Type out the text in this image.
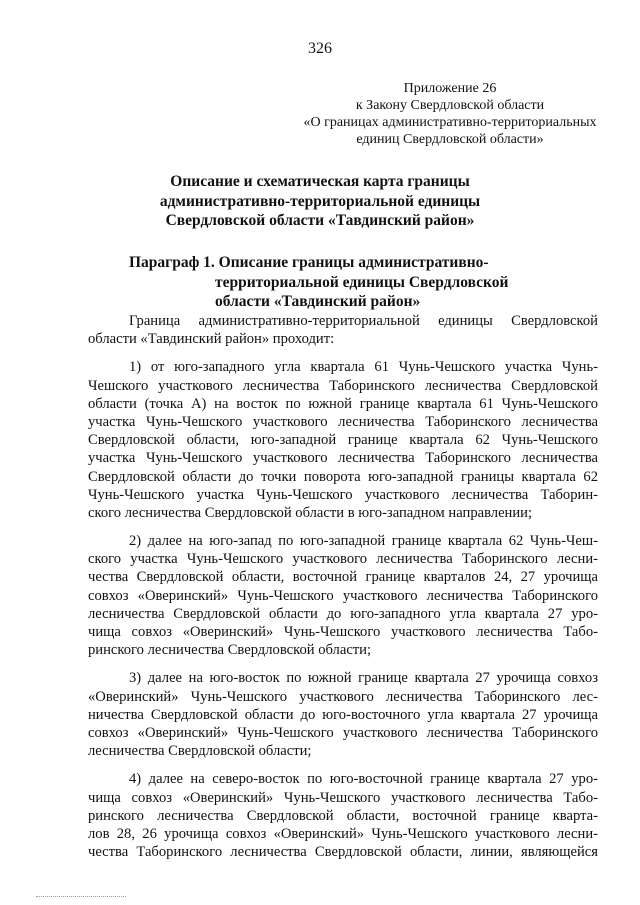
326
Приложение 26
к Закону Свердловской области
«О границах административно-территориальных
единиц Свердловской области»
Описание и схематическая карта границы
административно-территориальной единицы
Свердловской области «Тавдинский район»
Параграф 1. Описание границы административно-
территориальной единицы Свердловской
области «Тавдинский район»
Граница административно-территориальной единицы Свердловской
области «Тавдинский район» проходит:
1) от юго-западного угла квартала 61 Чунь-Чешского участка Чунь-
Чешского участкового лесничества Таборинского лесничества Свердловской
области (точка А) на восток по южной границе квартала 61 Чунь-Чешского
участка Чунь-Чешского участкового лесничества Таборинского лесничества
Свердловской области, юго-западной границе квартала 62 Чунь-Чешского
участка Чунь-Чешского участкового лесничества Таборинского лесничества
Свердловской области до точки поворота юго-западной границы квартала 62
Чунь-Чешского участка Чунь-Чешского участкового лесничества Таборин-
ского лесничества Свердловской области в юго-западном направлении;
2) далее на юго-запад по юго-западной границе квартала 62 Чунь-Чеш-
ского участка Чунь-Чешского участкового лесничества Таборинского лесни-
чества Свердловской области, восточной границе кварталов 24, 27 урочища
совхоз «Оверинский» Чунь-Чешского участкового лесничества Таборинского
лесничества Свердловской области до юго-западного угла квартала 27 уро-
чища совхоз «Оверинский» Чунь-Чешского участкового лесничества Табо-
ринского лесничества Свердловской области;
3) далее на юго-восток по южной границе квартала 27 урочища совхоз
«Оверинский» Чунь-Чешского участкового лесничества Таборинского лес-
ничества Свердловской области до юго-восточного угла квартала 27 урочища
совхоз «Оверинский» Чунь-Чешского участкового лесничества Таборинского
лесничества Свердловской области;
4) далее на северо-восток по юго-восточной границе квартала 27 уро-
чища совхоз «Оверинский» Чунь-Чешского участкового лесничества Табо-
ринского лесничества Свердловской области, восточной границе кварта-
лов 28, 26 урочища совхоз «Оверинский» Чунь-Чешского участкового лесни-
чества Таборинского лесничества Свердловской области, линии, являющейся
